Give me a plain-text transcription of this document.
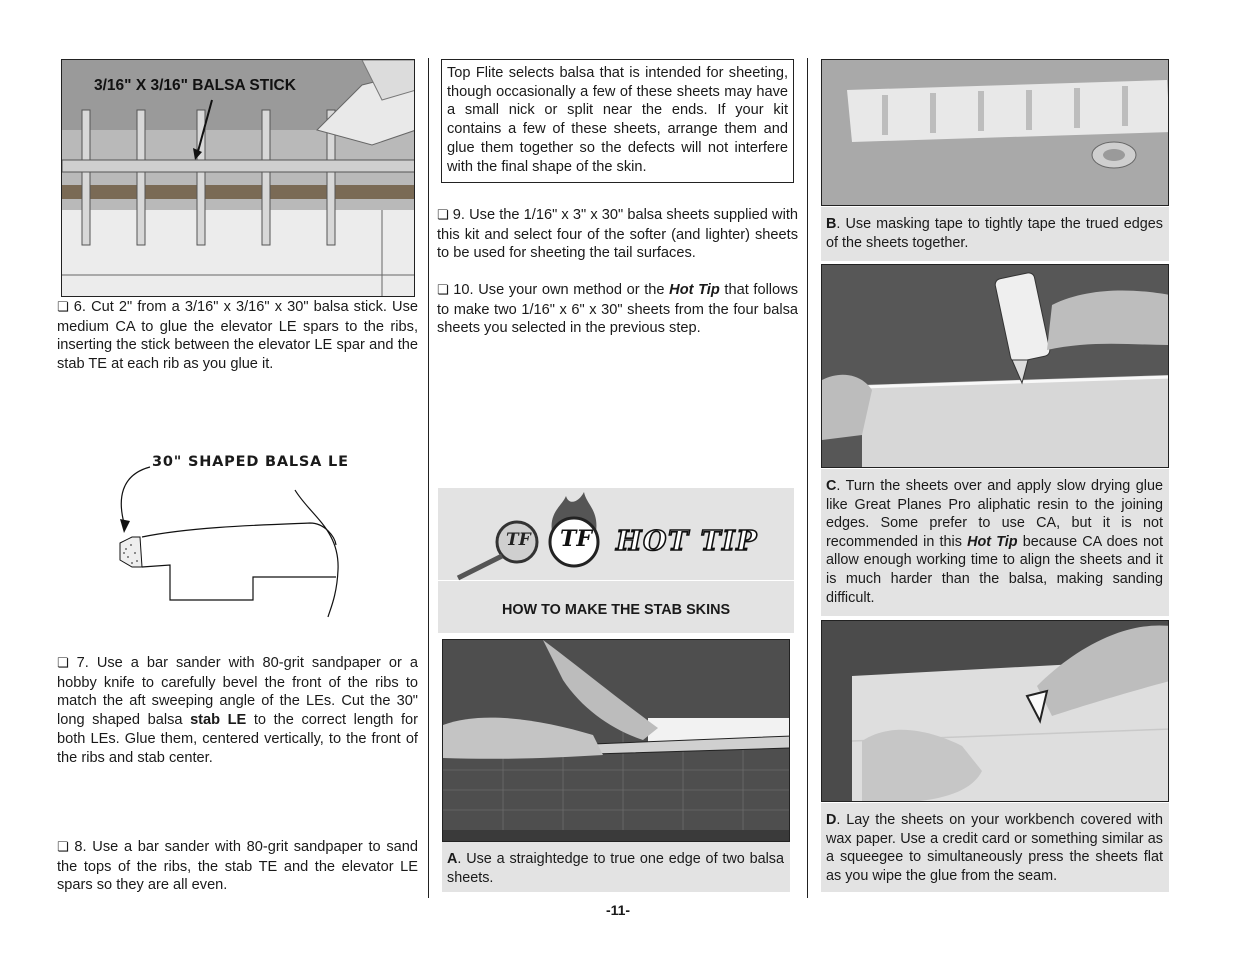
3/16" X 3/16" BALSA STICK
❏ 6. Cut 2" from a 3/16" x 3/16" x 30" balsa stick. Use medium CA to glue the elevator LE spars to the ribs, inserting the stick between the elevator LE spar and the stab TE at each rib as you glue it.
30" SHAPED BALSA LE
❏ 7. Use a bar sander with 80-grit sandpaper or a hobby knife to carefully bevel the front of the ribs to match the aft sweeping angle of the LEs. Cut the 30" long shaped balsa stab LE to the correct length for both LEs. Glue them, centered vertically, to the front of the ribs and stab center.
❏ 8. Use a bar sander with 80-grit sandpaper to sand the tops of the ribs, the stab TE and the elevator LE spars so they are all even.
Top Flite selects balsa that is intended for sheeting, though occasionally a few of these sheets may have a small nick or split near the ends. If your kit contains a few of these sheets, arrange them and glue them together so the defects will not interfere with the final shape of the skin.
❏ 9. Use the 1/16" x 3" x 30" balsa sheets supplied with this kit and select four of the softer (and lighter) sheets to be used for sheeting the tail surfaces.
❏ 10. Use your own method or the Hot Tip that follows to make two 1/16" x 6" x 30" sheets from the four balsa sheets you selected in the previous step.
TF TF HOT TIP
HOW TO MAKE THE STAB SKINS
A. Use a straightedge to true one edge of two balsa sheets.
-11-
B. Use masking tape to tightly tape the trued edges of the sheets together.
C. Turn the sheets over and apply slow drying glue like Great Planes Pro aliphatic resin to the joining edges. Some prefer to use CA, but it is not recommended in this Hot Tip because CA does not allow enough working time to align the sheets and it is much harder than the balsa, making sanding difficult.
D. Lay the sheets on your workbench covered with wax paper. Use a credit card or something similar as a squeegee to simultaneously press the sheets flat as you wipe the glue from the seam.
